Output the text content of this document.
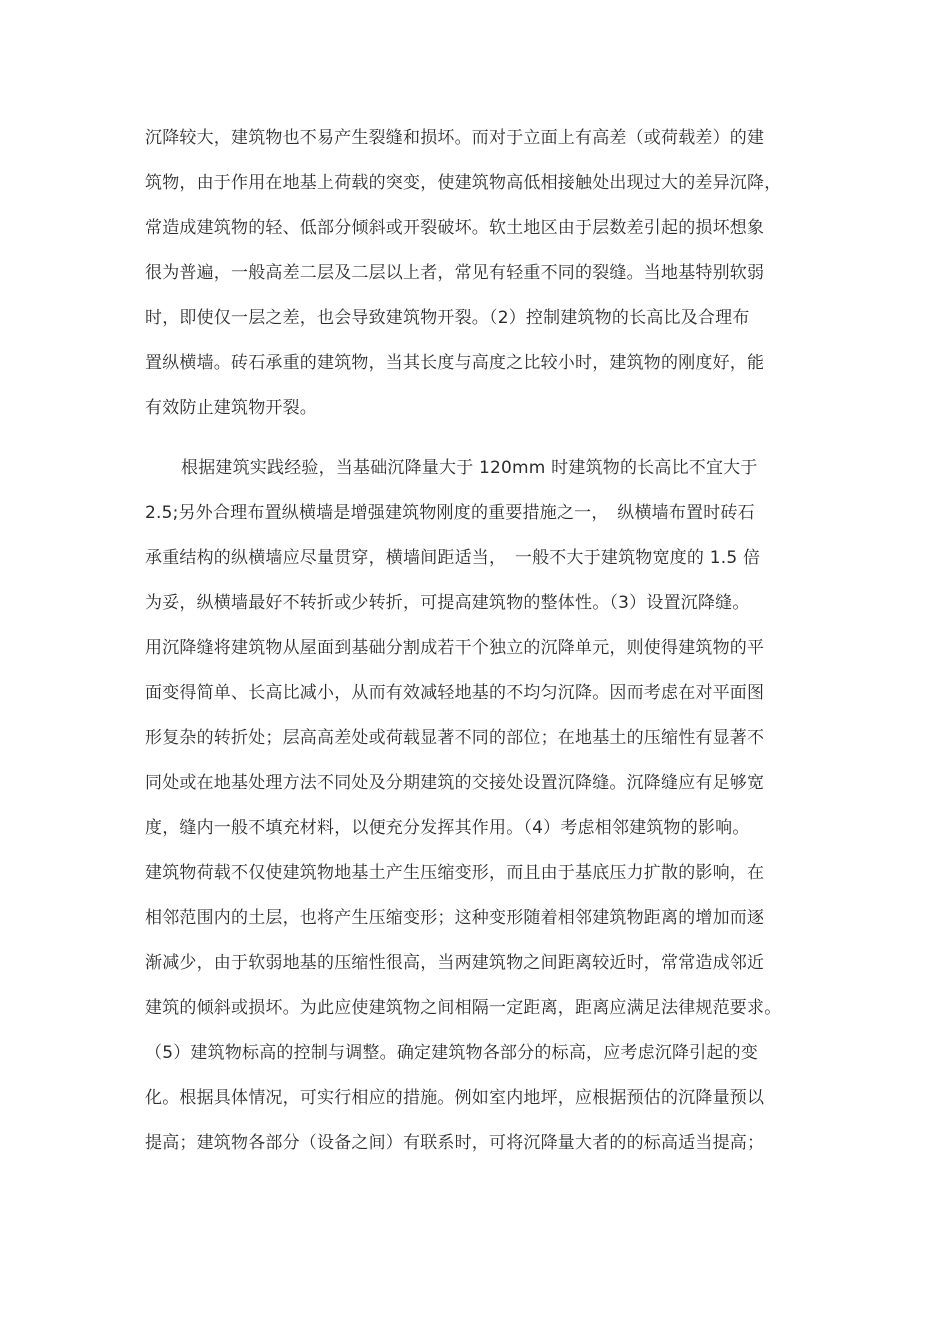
沉降较大，建筑物也不易产生裂缝和损坏。而对于立面上有高差（或荷载差）的建
筑物，由于作用在地基上荷载的突变，使建筑物高低相接触处出现过大的差异沉降，
常造成建筑物的轻、低部分倾斜或开裂破坏。软土地区由于层数差引起的损坏想象
很为普遍，一般高差二层及二层以上者，常见有轻重不同的裂缝。当地基特别软弱
时，即使仅一层之差，也会导致建筑物开裂。（2）控制建筑物的长高比及合理布
置纵横墙。砖石承重的建筑物，当其长度与高度之比较小时，建筑物的刚度好，能
有效防止建筑物开裂。
根据建筑实践经验，当基础沉降量大于 120mm 时建筑物的长高比不宜大于
2.5;另外合理布置纵横墙是增强建筑物刚度的重要措施之一，　纵横墙布置时砖石
承重结构的纵横墙应尽量贯穿，横墙间距适当，　一般不大于建筑物宽度的 1.5 倍
为妥，纵横墙最好不转折或少转折，可提高建筑物的整体性。（3）设置沉降缝。
用沉降缝将建筑物从屋面到基础分割成若干个独立的沉降单元，则使得建筑物的平
面变得简单、长高比减小，从而有效减轻地基的不均匀沉降。因而考虑在对平面图
形复杂的转折处；层高高差处或荷载显著不同的部位；在地基土的压缩性有显著不
同处或在地基处理方法不同处及分期建筑的交接处设置沉降缝。沉降缝应有足够宽
度，缝内一般不填充材料，以便充分发挥其作用。（4）考虑相邻建筑物的影响。
建筑物荷载不仅使建筑物地基土产生压缩变形，而且由于基底压力扩散的影响，在
相邻范围内的土层，也将产生压缩变形；这种变形随着相邻建筑物距离的增加而逐
渐减少，由于软弱地基的压缩性很高，当两建筑物之间距离较近时，常常造成邻近
建筑的倾斜或损坏。为此应使建筑物之间相隔一定距离，距离应满足法律规范要求。
（5）建筑物标高的控制与调整。确定建筑物各部分的标高，应考虑沉降引起的变
化。根据具体情况，可实行相应的措施。例如室内地坪，应根据预估的沉降量预以
提高；建筑物各部分（设备之间）有联系时，可将沉降量大者的的标高适当提高；
